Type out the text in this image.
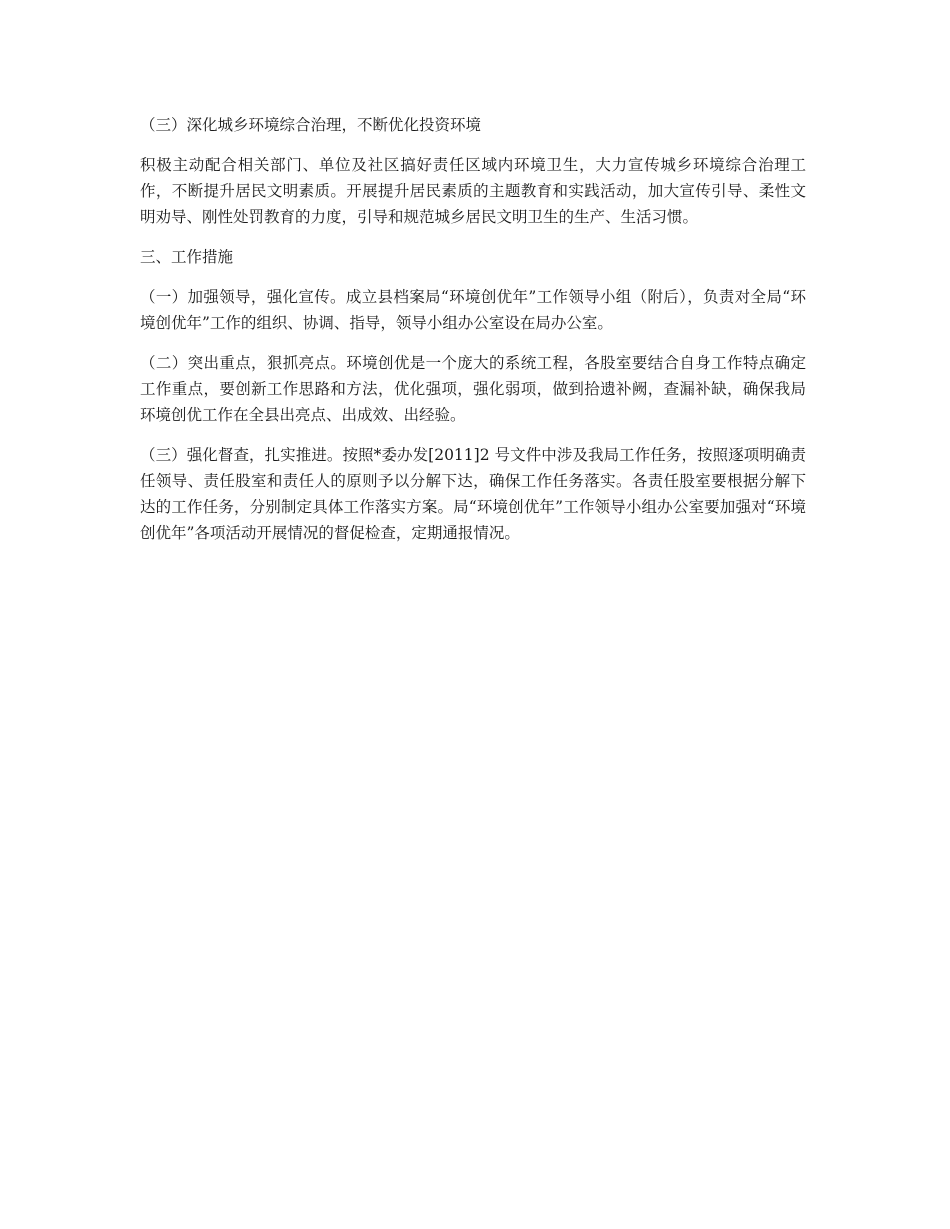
（三）深化城乡环境综合治理，不断优化投资环境

积极主动配合相关部门、单位及社区搞好责任区域内环境卫生，大力宣传城乡环境综合治理工作，不断提升居民文明素质。开展提升居民素质的主题教育和实践活动，加大宣传引导、柔性文明劝导、刚性处罚教育的力度，引导和规范城乡居民文明卫生的生产、生活习惯。

三、工作措施

（一）加强领导，强化宣传。成立县档案局“环境创优年”工作领导小组（附后），负责对全局“环境创优年”工作的组织、协调、指导，领导小组办公室设在局办公室。

（二）突出重点，狠抓亮点。环境创优是一个庞大的系统工程，各股室要结合自身工作特点确定工作重点，要创新工作思路和方法，优化强项，强化弱项，做到拾遗补阙，查漏补缺，确保我局环境创优工作在全县出亮点、出成效、出经验。

（三）强化督查，扎实推进。按照*委办发[2011]2 号文件中涉及我局工作任务，按照逐项明确责任领导、责任股室和责任人的原则予以分解下达，确保工作任务落实。各责任股室要根据分解下达的工作任务，分别制定具体工作落实方案。局“环境创优年”工作领导小组办公室要加强对“环境创优年”各项活动开展情况的督促检查，定期通报情况。
